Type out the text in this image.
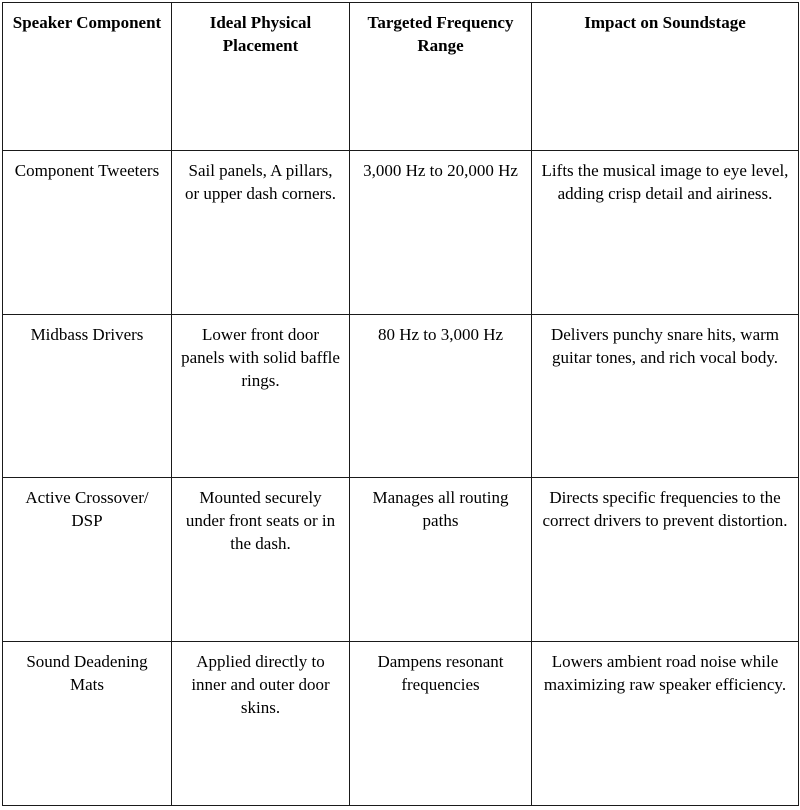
Speaker Component	Ideal Physical Placement	Targeted Frequency Range	Impact on Soundstage
Component Tweeters	Sail panels, A pillars, or upper dash corners.	3,000 Hz to 20,000 Hz	Lifts the musical image to eye level, adding crisp detail and airiness.
Midbass Drivers	Lower front door panels with solid baffle rings.	80 Hz to 3,000 Hz	Delivers punchy snare hits, warm guitar tones, and rich vocal body.
Active Crossover/ DSP	Mounted securely under front seats or in the dash.	Manages all routing paths	Directs specific frequencies to the correct drivers to prevent distortion.
Sound Deadening Mats	Applied directly to inner and outer door skins.	Dampens resonant frequencies	Lowers ambient road noise while maximizing raw speaker efficiency.
